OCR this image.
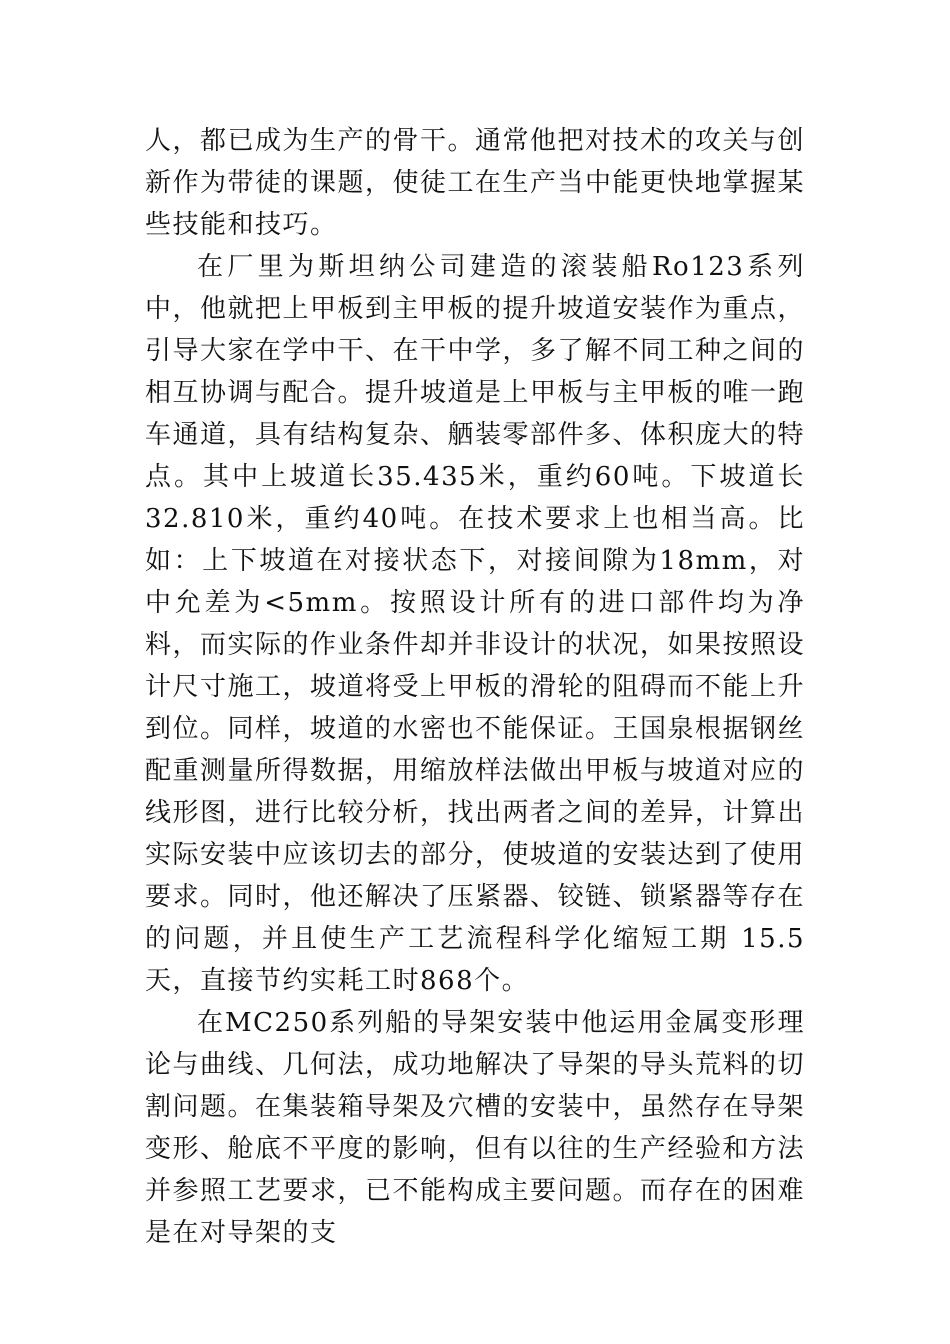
人，都已成为生产的骨干。通常他把对技术的攻关与创新作为带徒的课题，使徒工在生产当中能更快地掌握某些技能和技巧。

在厂里为斯坦纳公司建造的滚装船Ro123系列中，他就把上甲板到主甲板的提升坡道安装作为重点，引导大家在学中干、在干中学，多了解不同工种之间的相互协调与配合。提升坡道是上甲板与主甲板的唯一跑车通道，具有结构复杂、舾装零部件多、体积庞大的特点。其中上坡道长35.435米，重约60吨。下坡道长32.810米，重约40吨。在技术要求上也相当高。比如：上下坡道在对接状态下，对接间隙为18mm，对中允差为<5mm。按照设计所有的进口部件均为净料，而实际的作业条件却并非设计的状况，如果按照设计尺寸施工，坡道将受上甲板的滑轮的阻碍而不能上升到位。同样，坡道的水密也不能保证。王国泉根据钢丝配重测量所得数据，用缩放样法做出甲板与坡道对应的线形图，进行比较分析，找出两者之间的差异，计算出实际安装中应该切去的部分，使坡道的安装达到了使用要求。同时，他还解决了压紧器、铰链、锁紧器等存在的问题，并且使生产工艺流程科学化缩短工期 15.5 天，直接节约实耗工时868个。

在MC250系列船的导架安装中他运用金属变形理论与曲线、几何法，成功地解决了导架的导头荒料的切割问题。在集装箱导架及穴槽的安装中，虽然存在导架变形、舱底不平度的影响，但有以往的生产经验和方法并参照工艺要求，已不能构成主要问题。而存在的困难是在对导架的支
